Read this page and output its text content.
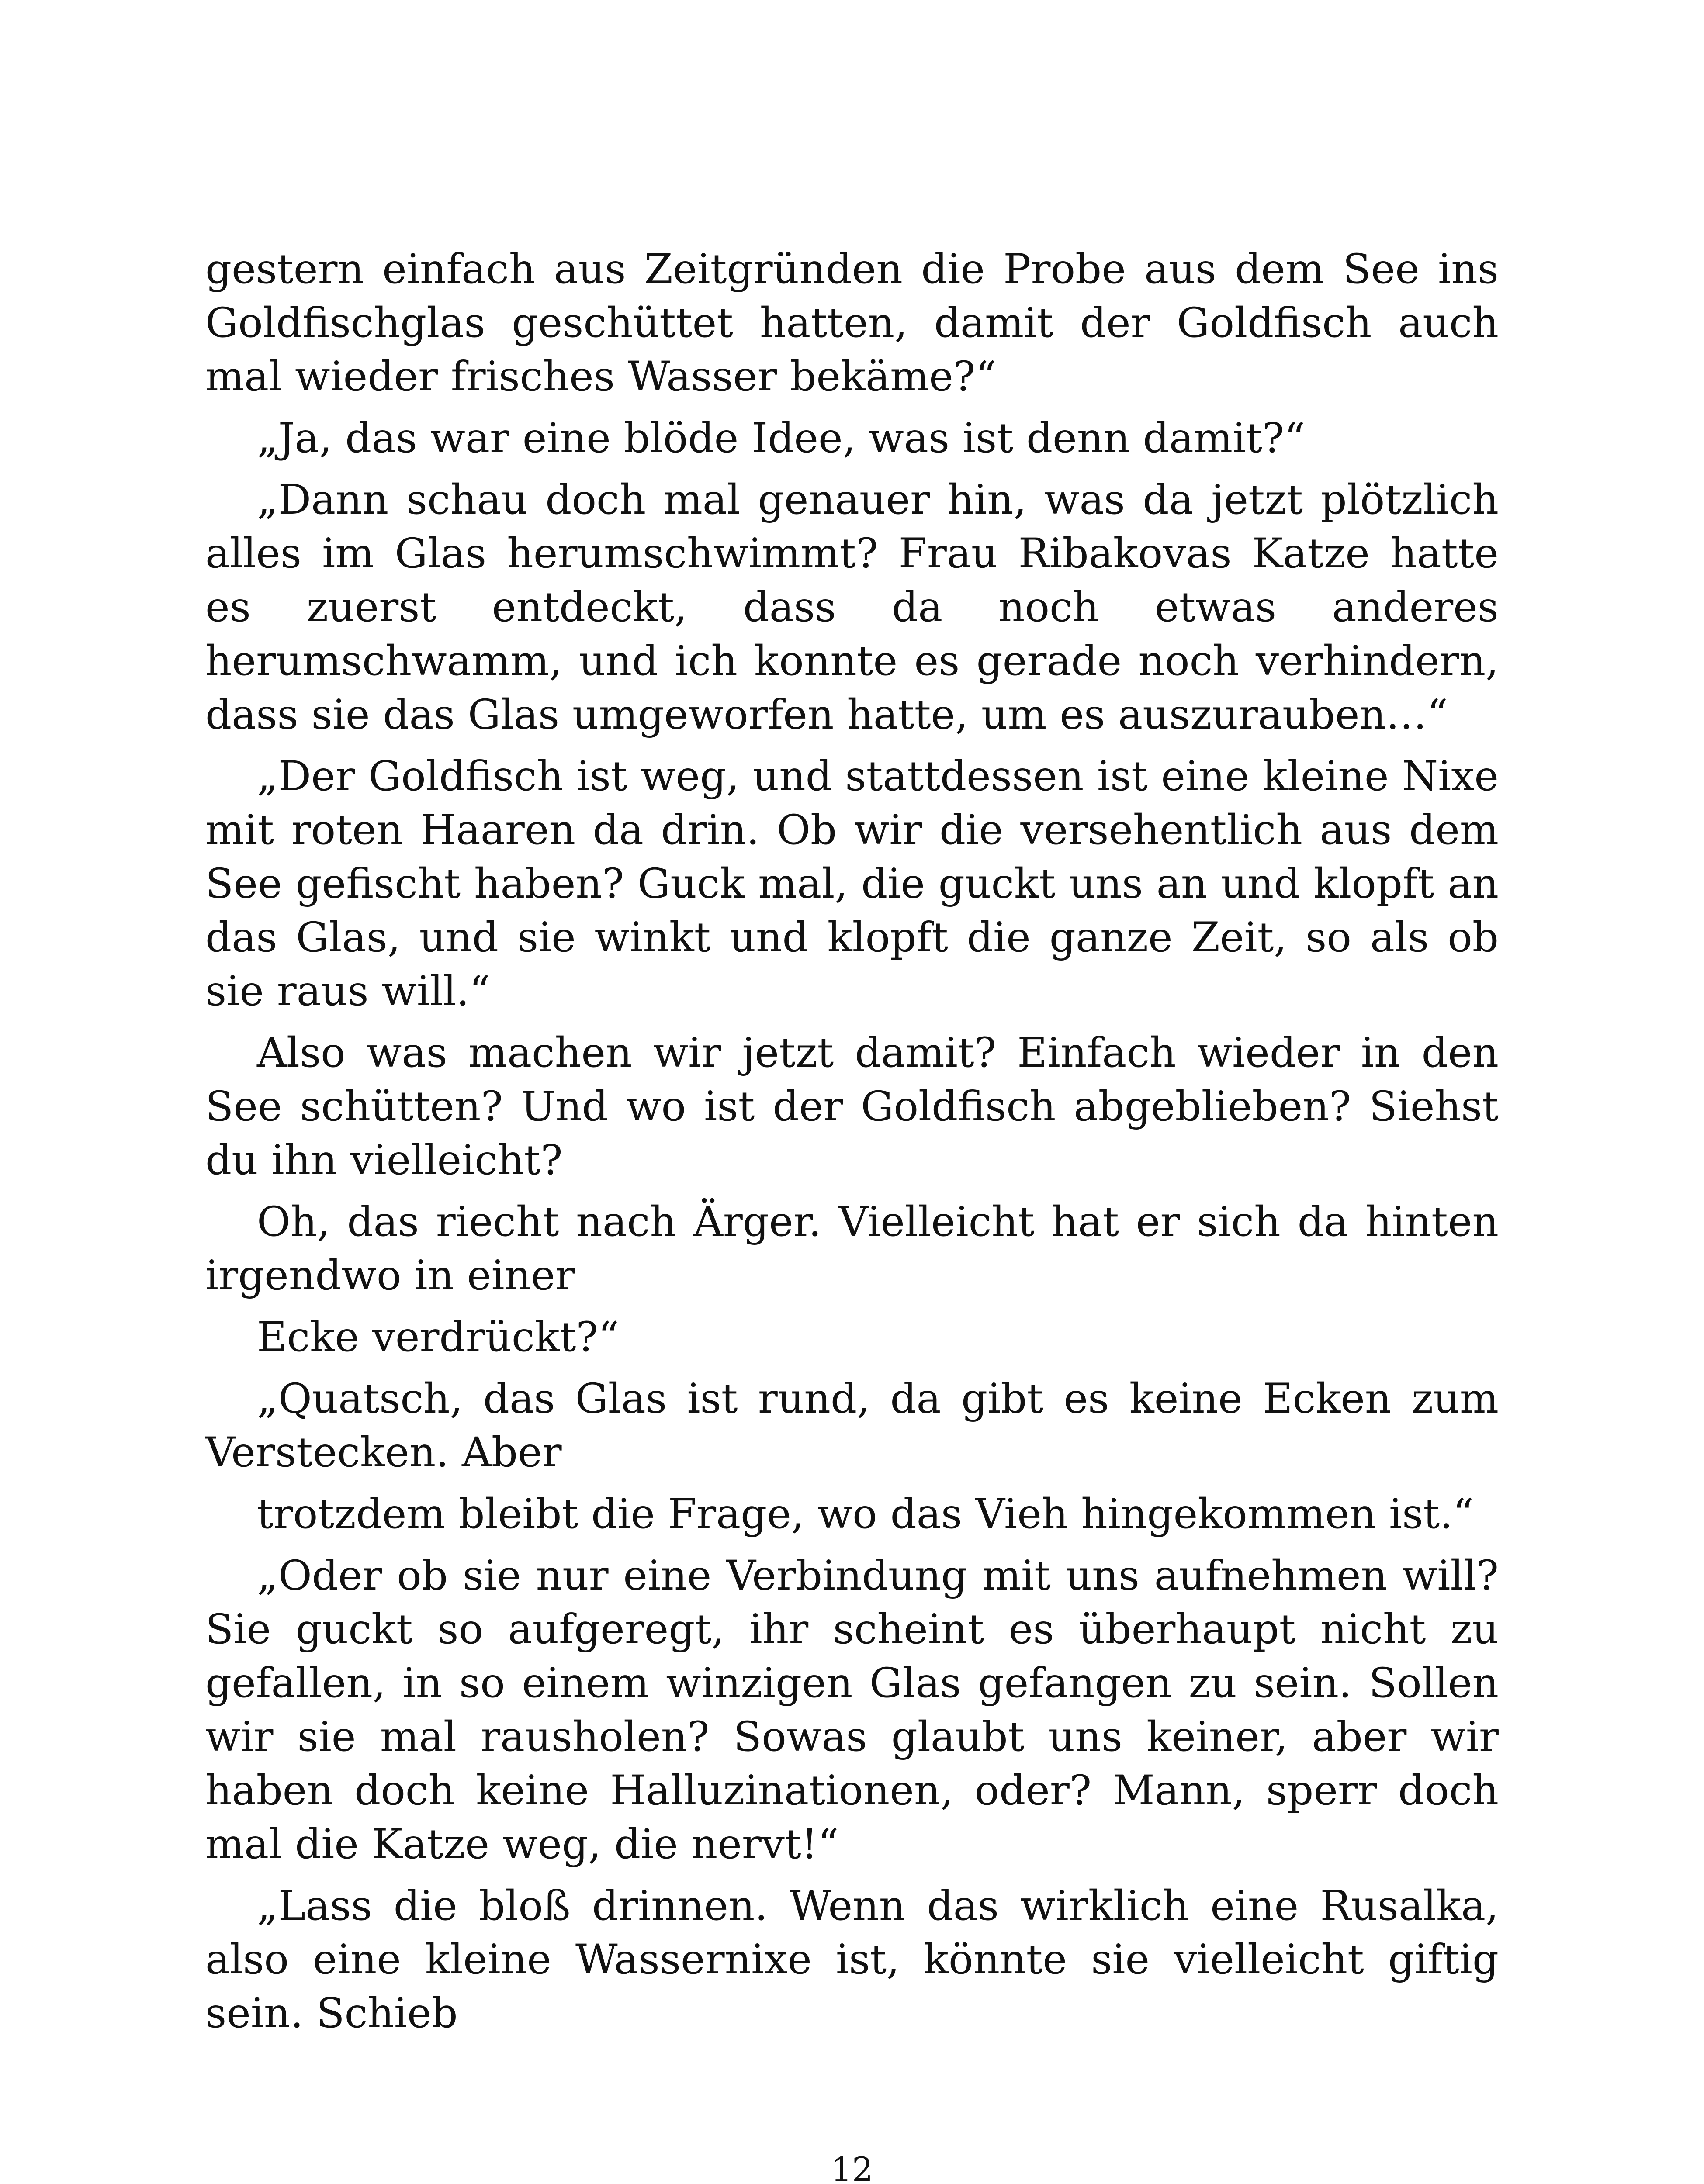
gestern einfach aus Zeitgründen die Probe aus dem See ins Goldfischglas geschüttet hatten, damit der Goldfisch auch mal wieder frisches Wasser bekäme?“

„Ja, das war eine blöde Idee, was ist denn damit?“

„Dann schau doch mal genauer hin, was da jetzt plötzlich alles im Glas herumschwimmt? Frau Ribakovas Katze hatte es zuerst entdeckt, dass da noch etwas anderes herumschwamm, und ich konnte es gerade noch verhindern, dass sie das Glas umgeworfen hatte, um es auszurauben…“

„Der Goldfisch ist weg, und stattdessen ist eine kleine Nixe mit roten Haaren da drin. Ob wir die versehentlich aus dem See gefischt haben? Guck mal, die guckt uns an und klopft an das Glas, und sie winkt und klopft die ganze Zeit, so als ob sie raus will.“

Also was machen wir jetzt damit? Einfach wieder in den See schütten? Und wo ist der Goldfisch abgeblieben? Siehst du ihn vielleicht?

Oh, das riecht nach Ärger. Vielleicht hat er sich da hinten irgendwo in einer

Ecke verdrückt?“

„Quatsch, das Glas ist rund, da gibt es keine Ecken zum Verstecken. Aber

trotzdem bleibt die Frage, wo das Vieh hingekommen ist.“

„Oder ob sie nur eine Verbindung mit uns aufnehmen will? Sie guckt so aufgeregt, ihr scheint es überhaupt nicht zu gefallen, in so einem winzigen Glas gefangen zu sein. Sollen wir sie mal rausholen? Sowas glaubt uns keiner, aber wir haben doch keine Halluzinationen, oder? Mann, sperr doch mal die Katze weg, die nervt!“

„Lass die bloß drinnen. Wenn das wirklich eine Rusalka, also eine kleine Wassernixe ist, könnte sie vielleicht giftig sein. Schieb

12
